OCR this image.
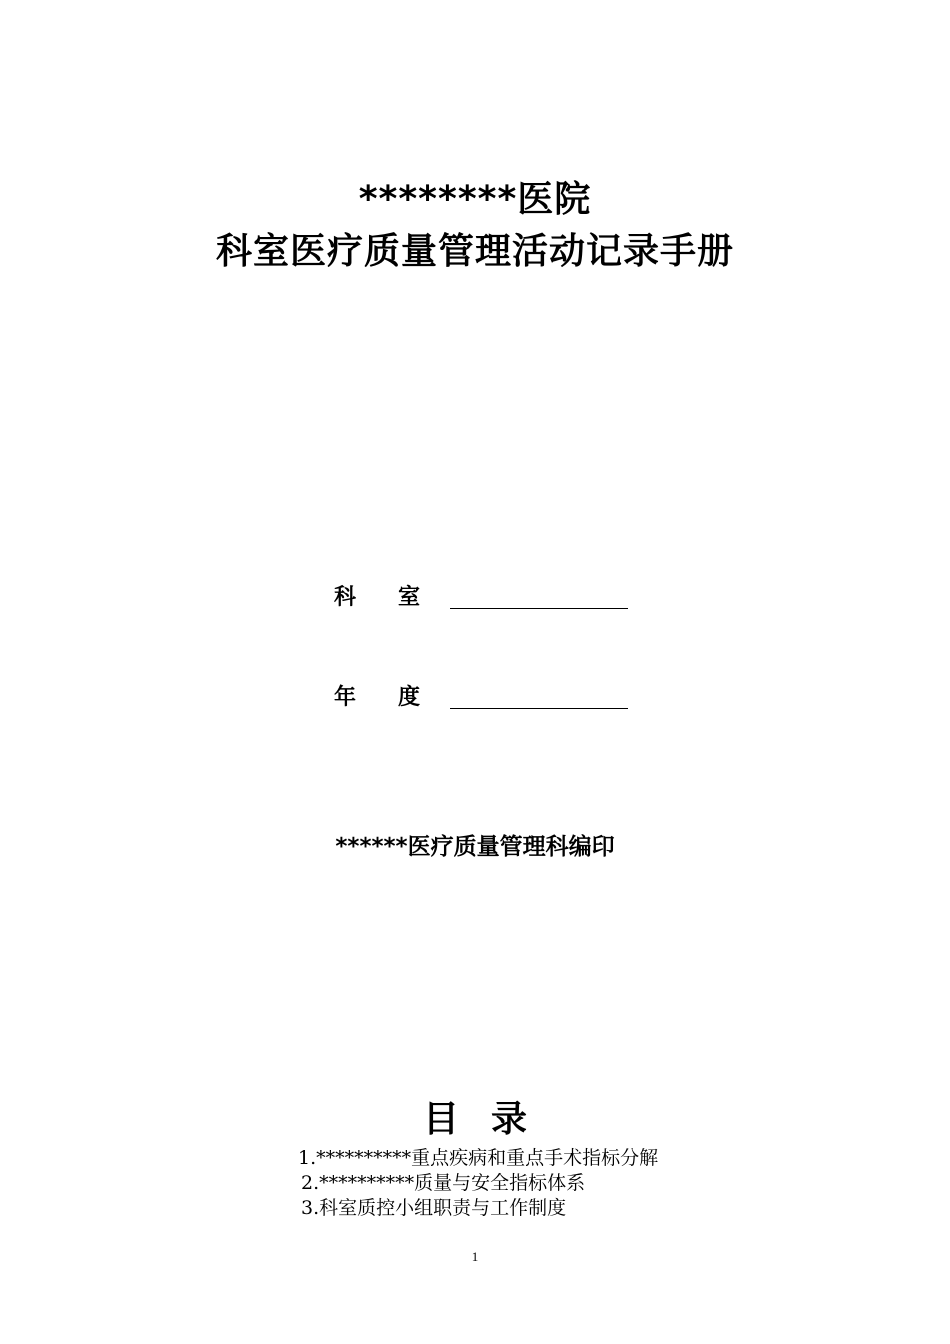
********医院
科室医疗质量管理活动记录手册
科 室
年 度
******医疗质量管理科编印
目 录
1.**********重点疾病和重点手术指标分解
2.**********质量与安全指标体系
3.科室质控小组职责与工作制度
1
